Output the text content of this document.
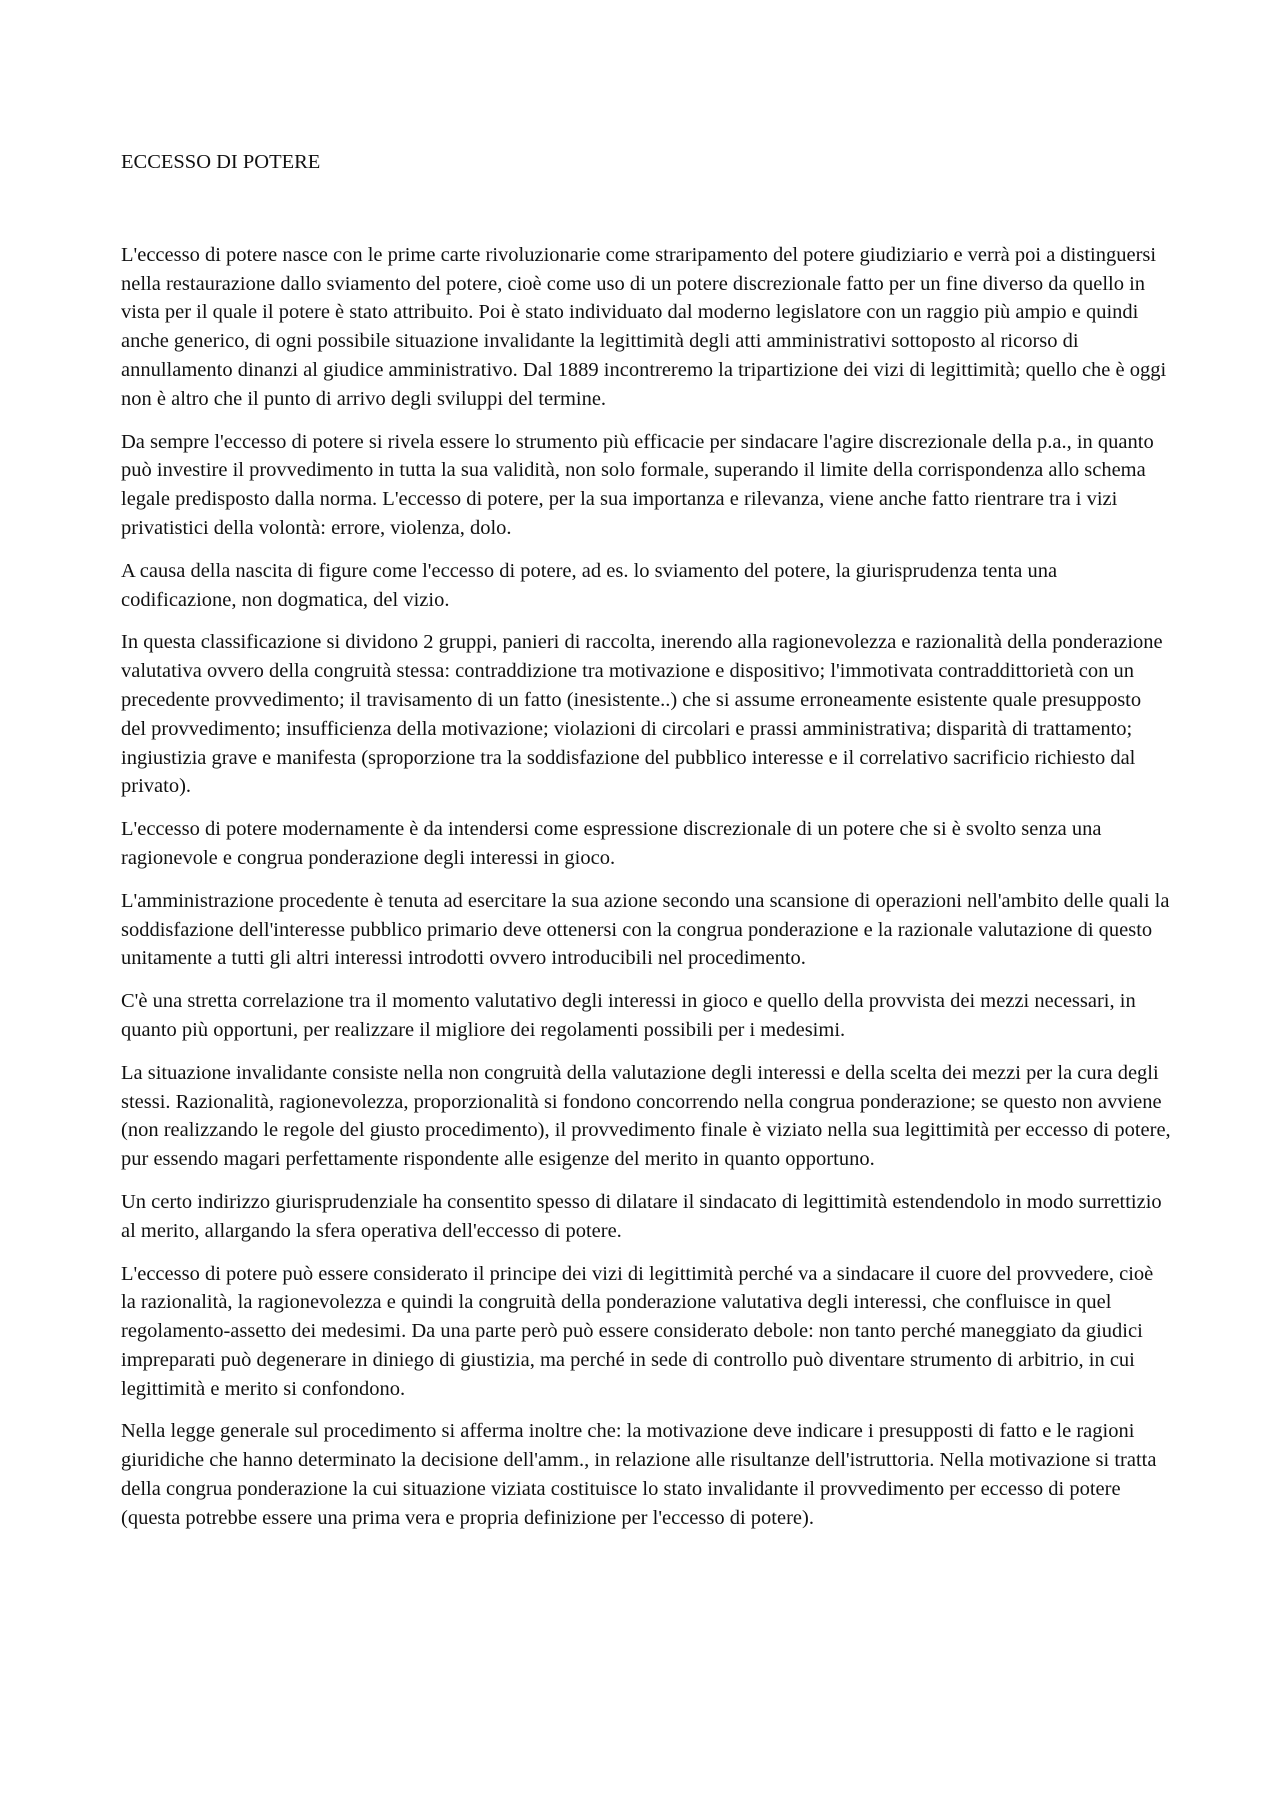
ECCESSO DI POTERE

L'eccesso di potere nasce con le prime carte rivoluzionarie come straripamento del potere giudiziario e verrà poi a distinguersi nella restaurazione dallo sviamento del potere, cioè come uso di un potere discrezionale fatto per un fine diverso da quello in vista per il quale il potere è stato attribuito. Poi è stato individuato dal moderno legislatore con un raggio più ampio e quindi anche generico, di ogni possibile situazione invalidante la legittimità degli atti amministrativi sottoposto al ricorso di annullamento dinanzi al giudice amministrativo. Dal 1889 incontreremo la tripartizione dei vizi di legittimità; quello che è oggi non è altro che il punto di arrivo degli sviluppi del termine.

Da sempre l'eccesso di potere si rivela essere lo strumento più efficacie per sindacare l'agire discrezionale della p.a., in quanto può investire il provvedimento in tutta la sua validità, non solo formale, superando il limite della corrispondenza allo schema legale predisposto dalla norma. L'eccesso di potere, per la sua importanza e rilevanza, viene anche fatto rientrare tra i vizi privatistici della volontà: errore, violenza, dolo.

A causa della nascita di figure come l'eccesso di potere, ad es. lo sviamento del potere, la giurisprudenza tenta una codificazione, non dogmatica, del vizio.

In questa classificazione si dividono 2 gruppi, panieri di raccolta, inerendo alla ragionevolezza e razionalità della ponderazione valutativa ovvero della congruità stessa: contraddizione tra motivazione e dispositivo; l'immotivata contraddittorietà con un precedente provvedimento; il travisamento di un fatto (inesistente..) che si assume erroneamente esistente quale presupposto del provvedimento; insufficienza della motivazione; violazioni di circolari e prassi amministrativa; disparità di trattamento; ingiustizia grave e manifesta (sproporzione tra la soddisfazione del pubblico interesse e il correlativo sacrificio richiesto dal privato).

L'eccesso di potere modernamente è da intendersi come espressione discrezionale di un potere che si è svolto senza una ragionevole e congrua ponderazione degli interessi in gioco.

L'amministrazione procedente è tenuta ad esercitare la sua azione secondo una scansione di operazioni nell'ambito delle quali la soddisfazione dell'interesse pubblico primario deve ottenersi con la congrua ponderazione e la razionale valutazione di questo unitamente a tutti gli altri interessi introdotti ovvero introducibili nel procedimento.

C'è una stretta correlazione tra il momento valutativo degli interessi in gioco e quello della provvista dei mezzi necessari, in quanto più opportuni, per realizzare il migliore dei regolamenti possibili per i medesimi.

La situazione invalidante consiste nella non congruità della valutazione degli interessi e della scelta dei mezzi per la cura degli stessi. Razionalità, ragionevolezza, proporzionalità si fondono concorrendo nella congrua ponderazione; se questo non avviene (non realizzando le regole del giusto procedimento), il provvedimento finale è viziato nella sua legittimità per eccesso di potere, pur essendo magari perfettamente rispondente alle esigenze del merito in quanto opportuno.

Un certo indirizzo giurisprudenziale ha consentito spesso di dilatare il sindacato di legittimità estendendolo in modo surrettizio al merito, allargando la sfera operativa dell'eccesso di potere.

L'eccesso di potere può essere considerato il principe dei vizi di legittimità perché va a sindacare il cuore del provvedere, cioè la razionalità, la ragionevolezza e quindi la congruità della ponderazione valutativa degli interessi, che confluisce in quel regolamento-assetto dei medesimi. Da una parte però può essere considerato debole: non tanto perché maneggiato da giudici impreparati può degenerare in diniego di giustizia, ma perché in sede di controllo può diventare strumento di arbitrio, in cui legittimità e merito si confondono.

Nella legge generale sul procedimento si afferma inoltre che: la motivazione deve indicare i presupposti di fatto e le ragioni giuridiche che hanno determinato la decisione dell'amm., in relazione alle risultanze dell'istruttoria. Nella motivazione si tratta della congrua ponderazione la cui situazione viziata costituisce lo stato invalidante il provvedimento per eccesso di potere (questa potrebbe essere una prima vera e propria definizione per l'eccesso di potere).
